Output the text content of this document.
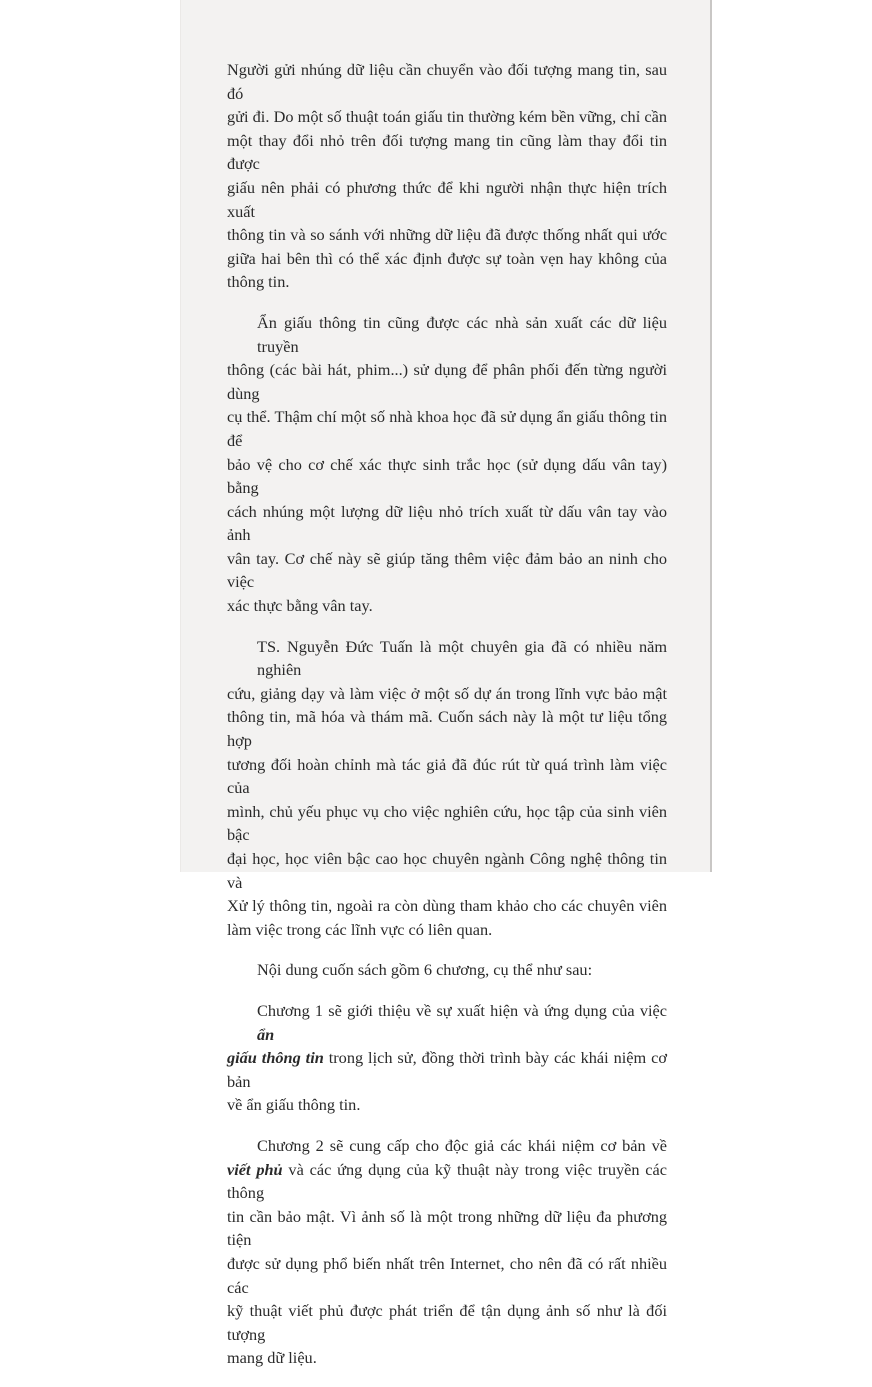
Người gửi nhúng dữ liệu cần chuyển vào đối tượng mang tin, sau đó
gửi đi. Do một số thuật toán giấu tin thường kém bền vững, chỉ cần
một thay đổi nhỏ trên đối tượng mang tin cũng làm thay đổi tin được
giấu nên phải có phương thức để khi người nhận thực hiện trích xuất
thông tin và so sánh với những dữ liệu đã được thống nhất qui ước
giữa hai bên thì có thể xác định được sự toàn vẹn hay không của
thông tin.

Ẩn giấu thông tin cũng được các nhà sản xuất các dữ liệu truyền
thông (các bài hát, phim...) sử dụng để phân phối đến từng người dùng
cụ thể. Thậm chí một số nhà khoa học đã sử dụng ẩn giấu thông tin để
bảo vệ cho cơ chế xác thực sinh trắc học (sử dụng dấu vân tay) bằng
cách nhúng một lượng dữ liệu nhỏ trích xuất từ dấu vân tay vào ảnh
vân tay. Cơ chế này sẽ giúp tăng thêm việc đảm bảo an ninh cho việc
xác thực bằng vân tay.

TS. Nguyễn Đức Tuấn là một chuyên gia đã có nhiều năm nghiên
cứu, giảng dạy và làm việc ở một số dự án trong lĩnh vực bảo mật
thông tin, mã hóa và thám mã. Cuốn sách này là một tư liệu tổng hợp
tương đối hoàn chỉnh mà tác giả đã đúc rút từ quá trình làm việc của
mình, chủ yếu phục vụ cho việc nghiên cứu, học tập của sinh viên bậc
đại học, học viên bậc cao học chuyên ngành Công nghệ thông tin và
Xử lý thông tin, ngoài ra còn dùng tham khảo cho các chuyên viên
làm việc trong các lĩnh vực có liên quan.

Nội dung cuốn sách gồm 6 chương, cụ thể như sau:

Chương 1 sẽ giới thiệu về sự xuất hiện và ứng dụng của việc ẩn
giấu thông tin trong lịch sử, đồng thời trình bày các khái niệm cơ bản
về ẩn giấu thông tin.

Chương 2 sẽ cung cấp cho độc giả các khái niệm cơ bản về
viết phủ và các ứng dụng của kỹ thuật này trong việc truyền các thông
tin cần bảo mật. Vì ảnh số là một trong những dữ liệu đa phương tiện
được sử dụng phổ biến nhất trên Internet, cho nên đã có rất nhiều các
kỹ thuật viết phủ được phát triển để tận dụng ảnh số như là đối tượng
mang dữ liệu.
